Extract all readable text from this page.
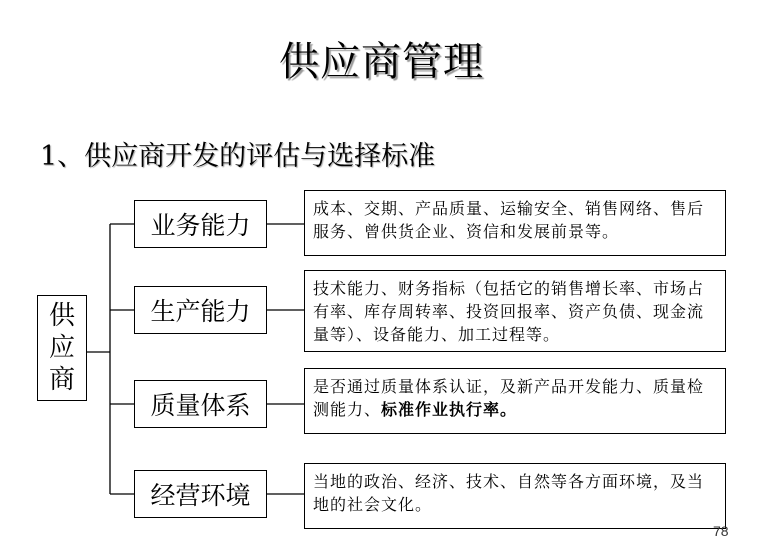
供应商管理
1、供应商开发的评估与选择标准
供
应
商
业务能力
生产能力
质量体系
经营环境
成本、交期、产品质量、运输安全、销售网络、售后服务、曾供货企业、资信和发展前景等。
技术能力、财务指标（包括它的销售增长率、市场占有率、库存周转率、投资回报率、资产负债、现金流量等）、设备能力、加工过程等。
是否通过质量体系认证，及新产品开发能力、质量检测能力、标准作业执行率。
当地的政治、经济、技术、自然等各方面环境，及当地的社会文化。
78
